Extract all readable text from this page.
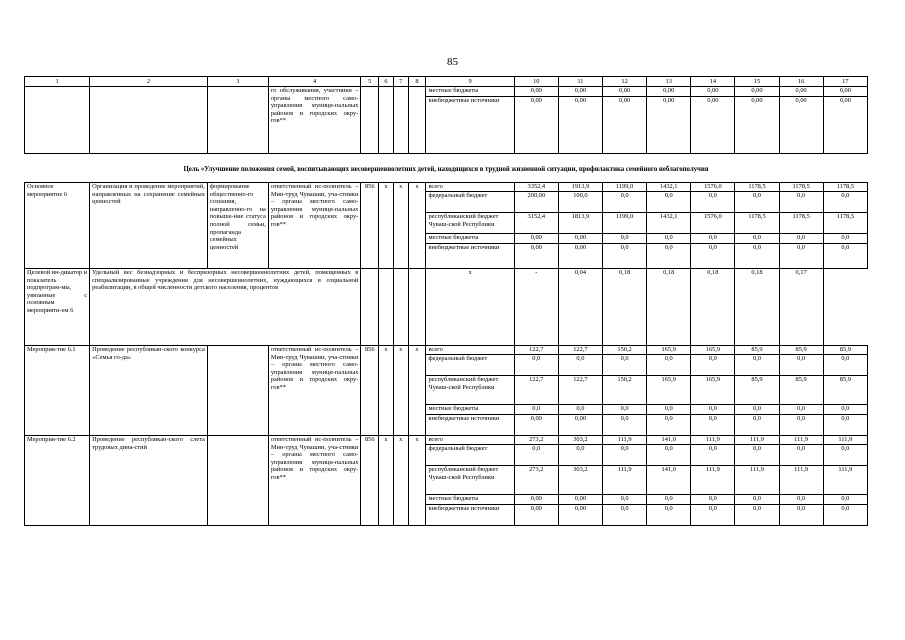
85
1	2	3	4	5	6	7	8	9	10	11	12	13	14	15	16	17
			го обслуживания, участники – органы местного само-управления муници-пальных районов и городских окру-гов**					местные бюджеты	0,00	0,00	0,00	0,00	0,00	0,00	0,00	0,00
								внебюджетные источники	0,00	0,00	0,00	0,00	0,00	0,00	0,00	0,00
Цель «Улучшение положения семей, воспитывающих несовершеннолетних детей, находящихся в трудной жизненной ситуации, профилактика семейного неблагополучия																
Основное мероприятие 6	Организация и проведение мероприятий, направленных на сохранение семейных ценностей	формирование общественно-го сознания, направленно-го на повыше-ние статуса полной семьи, пропаганда семейных ценностей	ответственный ис-полнитель – Мин-труд Чувашии, уча-стники – органы местного само-управления муници-пальных районов и городских окру-гов**	856	x	x	x	всего	3352,4	1913,9	1199,0	1432,1	1576,0	1178,5	1178,5	1178,5
								федеральный бюджет	200,00	100,0	0,0	0,0	0,0	0,0	0,0	0,0
								республиканский бюджет Чуваш-ской Республики	3152,4	1813,9	1199,0	1432,1	1576,0	1178,5	1178,5	1178,5
								местные бюджеты	0,00	0,00	0,0	0,0	0,0	0,0	0,0	0,0
								внебюджетные источники	0,00	0,00	0,0	0,0	0,0	0,0	0,0	0,0
Целевой ин-дикатор и показатель подпрограм-мы, увязанные с основным мероприяти-ем 6	Удельный вес безнадзорных и беспризорных несовершеннолетних детей, помещенных в специализированные учреждения для несовершеннолетних, нуждающихся в социальной реабилитации, в общей численности детского населения, процентов							x	-	0,04	0,18	0,18	0,18	0,18	0,17	
Мероприя-тие 6.1	Проведение республикан-ского конкурса «Семья го-да»		ответственный ис-полнитель – Мин-труд Чувашии, уча-стники – органы местного само-управления муници-пальных районов и городских окру-гов**	856	x	x	x	всего	122,7	122,7	150,2	165,9	165,9	85,9	85,9	85,9
								федеральный бюджет	0,0	0,0	0,0	0,0	0,0	0,0	0,0	0,0
								республиканский бюджет Чуваш-ской Республики	122,7	122,7	150,2	165,9	165,9	85,9	85,9	85,9
								местные бюджеты	0,0	0,0	0,0	0,0	0,0	0,0	0,0	0,0
								внебюджетные источники	0,00	0,00	0,0	0,0	0,0	0,0	0,0	0,0
Мероприя-тие 6.2	Проведение республикан-ского слета трудовых дина-стий		ответственный ис-полнитель – Мин-труд Чувашии, уча-стники – органы местного само-управления муници-пальных районов и городских окру-гов**	856	x	x	x	всего	273,2	303,2	111,9	141,0	111,9	111,9	111,9	111,9
								федеральный бюджет	0,0	0,0	0,0	0,0	0,0	0,0	0,0	0,0
								республиканский бюджет Чуваш-ской Республики	273,2	303,2	111,9	141,0	111,9	111,9	111,9	111,9
								местные бюджеты	0,00	0,00	0,0	0,0	0,0	0,0	0,0	0,0
								внебюджетные источники	0,00	0,00	0,0	0,0	0,0	0,0	0,0	0,0
